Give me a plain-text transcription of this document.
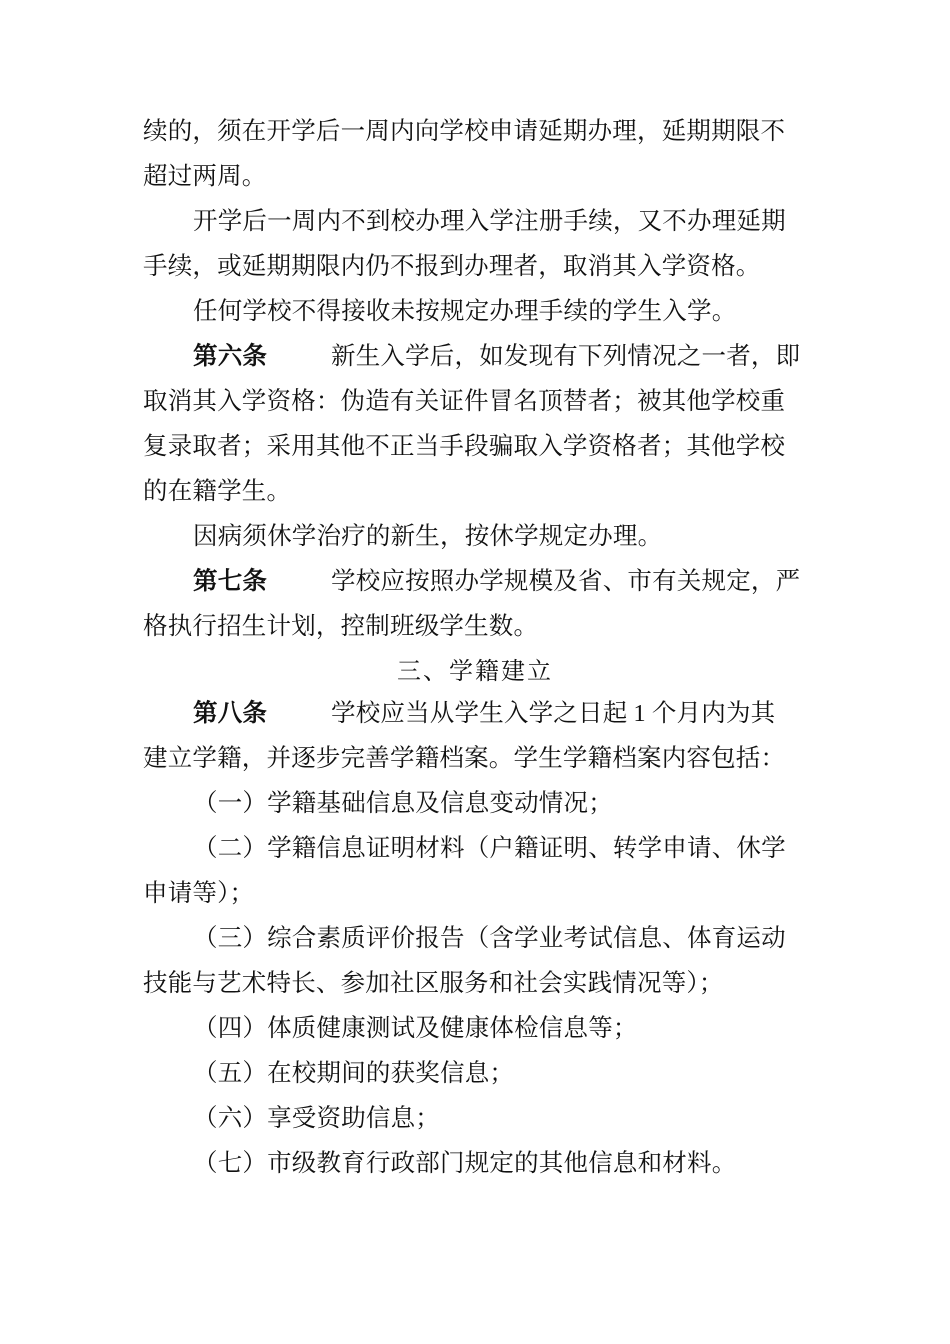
续的，须在开学后一周内向学校申请延期办理，延期期限不
超过两周。
开学后一周内不到校办理入学注册手续，又不办理延期
手续，或延期期限内仍不报到办理者，取消其入学资格。
任何学校不得接收未按规定办理手续的学生入学。
第六条	新生入学后，如发现有下列情况之一者，即
取消其入学资格：伪造有关证件冒名顶替者；被其他学校重
复录取者；采用其他不正当手段骗取入学资格者；其他学校
的在籍学生。
因病须休学治疗的新生，按休学规定办理。
第七条	学校应按照办学规模及省、市有关规定，严
格执行招生计划，控制班级学生数。
三、学籍建立
第八条	学校应当从学生入学之日起 1 个月内为其
建立学籍，并逐步完善学籍档案。学生学籍档案内容包括：
（一）学籍基础信息及信息变动情况；
（二）学籍信息证明材料（户籍证明、转学申请、休学
申请等）；
（三）综合素质评价报告（含学业考试信息、体育运动
技能与艺术特长、参加社区服务和社会实践情况等）；
（四）体质健康测试及健康体检信息等；
（五）在校期间的获奖信息；
（六）享受资助信息；
（七）市级教育行政部门规定的其他信息和材料。
